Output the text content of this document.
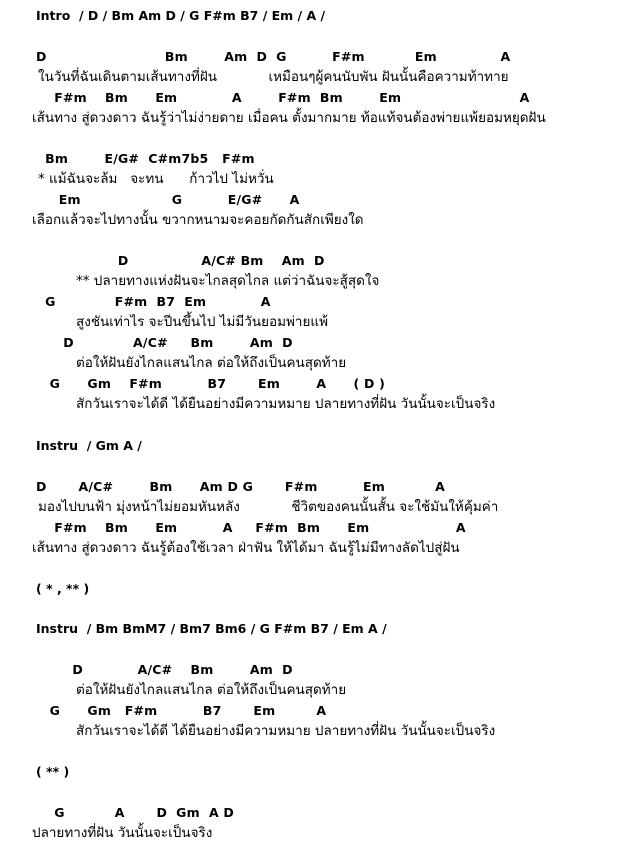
Intro  / D / Bm Am D / G F#m B7 / Em / A /
D                          Bm        Am  D  G          F#m           Em              A
ในวันที่ฉันเดินตามเส้นทางที่ฝัน            เหมือนๆผู้คนนับพัน ฝันนั้นคือความท้าทาย
F#m    Bm      Em            A        F#m  Bm        Em                          A
เส้นทาง สู่ดวงดาว ฉันรู้ว่าไม่ง่ายดาย เมื่อคน ตั้งมากมาย ท้อแท้จนต้องพ่ายแพ้ยอมหยุดฝัน
Bm        E/G#  C#m7b5   F#m
* แม้ฉันจะล้ม   จะทน      ก้าวไป ไม่หวั่น
Em                    G          E/G#      A
เลือกแล้วจะไปทางนั้น ขวากหนามจะคอยกัดกันสักเพียงใด
D                A/C# Bm    Am  D
** ปลายทางแห่งฝันจะไกลสุดไกล แต่ว่าฉันจะสู้สุดใจ
G             F#m  B7  Em            A
สูงชันเท่าไร จะปีนขึ้นไป ไม่มีวันยอมพ่ายแพ้
D             A/C#     Bm        Am  D
ต่อให้ฝันยังไกลแสนไกล ต่อให้ถึงเป็นคนสุดท้าย
G      Gm    F#m          B7       Em        A      ( D )
สักวันเราจะได้ดี ได้ยืนอย่างมีความหมาย ปลายทางที่ฝัน วันนั้นจะเป็นจริง
Instru  / Gm A /
D       A/C#        Bm      Am D G       F#m          Em           A
มองไปบนฟ้า มุ่งหน้าไม่ยอมหันหลัง            ชีวิตของคนนั้นสั้น จะใช้มันให้คุ้มค่า
F#m    Bm      Em          A     F#m  Bm      Em                   A
เส้นทาง สู่ดวงดาว ฉันรู้ต้องใช้เวลา ฝ่าฟัน ให้ได้มา ฉันรู้ไม่มีทางลัดไปสู่ฝัน
( * , ** )
Instru  / Bm BmM7 / Bm7 Bm6 / G F#m B7 / Em A /
D            A/C#    Bm        Am  D
ต่อให้ฝันยังไกลแสนไกล ต่อให้ถึงเป็นคนสุดท้าย
G      Gm   F#m          B7       Em         A
สักวันเราจะได้ดี ได้ยืนอย่างมีความหมาย ปลายทางที่ฝัน วันนั้นจะเป็นจริง
( ** )
G           A       D  Gm  A D
ปลายทางที่ฝัน วันนั้นจะเป็นจริง
